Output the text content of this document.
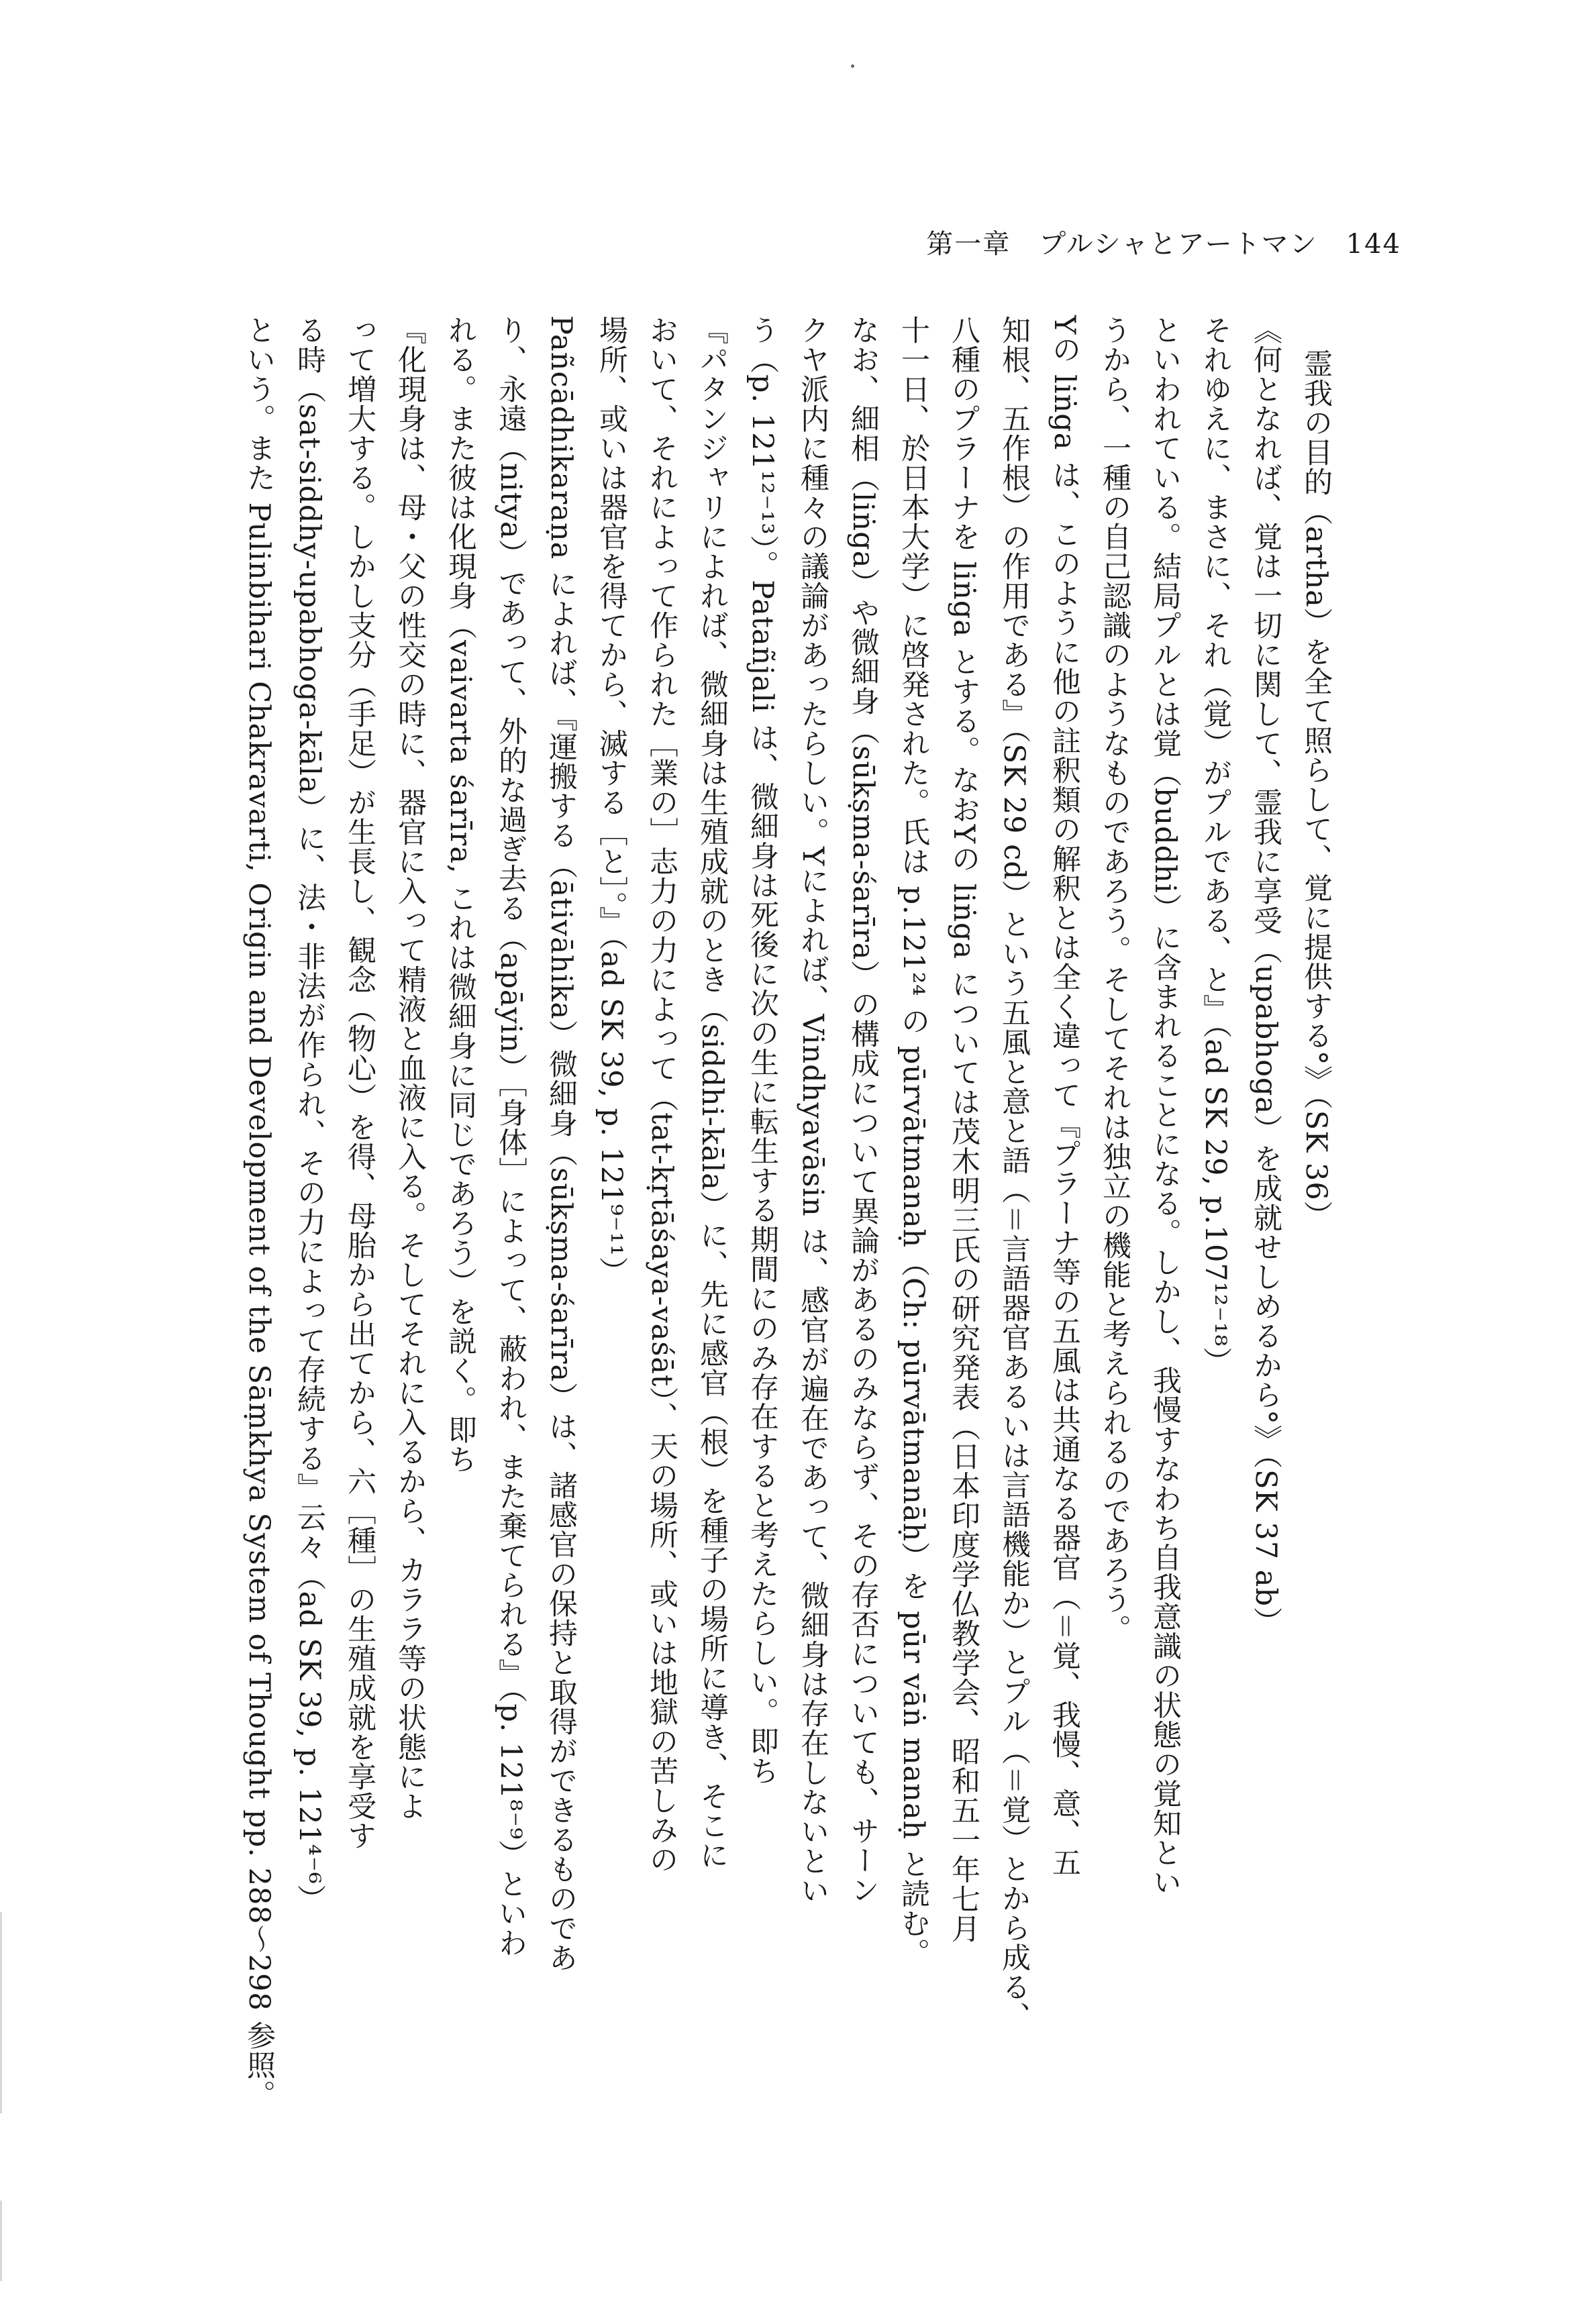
第一章　プルシャとアートマン　144
霊我の目的（artha）を全て照らして、覚に提供する°》（SK 36）
《何となれば、覚は一切に関して、霊我に享受（upabhoga）を成就せしめるから°》（SK 37 ab）
それゆえに、まさに、それ（覚）がプルである、と』（ad SK 29, p.107¹²⁻¹⁸）
といわれている。結局プルとは覚（buddhi）に含まれることになる。しかし、我慢すなわち自我意識の状態の覚知とい
うから、一種の自己認識のようなものであろう。そしてそれは独立の機能と考えられるのであろう。
Yの liṅga は、このように他の註釈類の解釈とは全く違って『プラーナ等の五風は共通なる器官（＝覚、我慢、意、五
知根、五作根）の作用である』（SK 29 cd）という五風と意と語（＝言語器官あるいは言語機能か）とプル（＝覚）とから成る、
八種のプラーナを liṅga とする。なおYの liṅga については茂木明三氏の研究発表（日本印度学仏教学会、昭和五一年七月
十一日、於日本大学）に啓発された。氏は p.121²⁴ の pūrvātmanaḥ（Ch: pūrvātmanāḥ）を pūr vāṅ manaḥ と読む。
なお、細相（liṅga）や微細身（sūkṣma-śarīra）の構成について異論があるのみならず、その存否についても、サーン
クヤ派内に種々の議論があったらしい。Yによれば、Vindhyavāsin は、感官が遍在であって、微細身は存在しないとい
う（p. 121¹²⁻¹³）。Patañjali は、微細身は死後に次の生に転生する期間にのみ存在すると考えたらしい。即ち
『パタンジャリによれば、微細身は生殖成就のとき（siddhi-kāla）に、先に感官（根）を種子の場所に導き、そこに
おいて、それによって作られた［業の］志力の力によって（tat-kṛtāśaya-vaśāt）、天の場所、或いは地獄の苦しみの
場所、或いは器官を得てから、滅する［と］。』（ad SK 39, p. 121⁹⁻¹¹）
Pañcādhikaraṇa によれば、『運搬する（ātivāhika）微細身（sūkṣma-śarīra）は、諸感官の保持と取得ができるものであ
り、永遠（nitya）であって、外的な過ぎ去る（apāyin）［身体］によって、蔽われ、また棄てられる』（p. 121⁸⁻⁹）といわ
れる。また彼は化現身（vaivarta śarīra, これは微細身に同じであろう）を説く。即ち
『化現身は、母・父の性交の時に、器官に入って精液と血液に入る。そしてそれに入るから、カララ等の状態によ
って増大する。しかし支分（手足）が生長し、観念（物心）を得、母胎から出てから、六［種］の生殖成就を享受す
る時（sat-siddhy-upabhoga-kāla）に、法・非法が作られ、その力によって存続する』云々（ad SK 39, p. 121⁴⁻⁶）
という。また Pulinbihari Chakravarti, Origin and Development of the Sāṃkhya System of Thought pp. 288〜298 参照。
